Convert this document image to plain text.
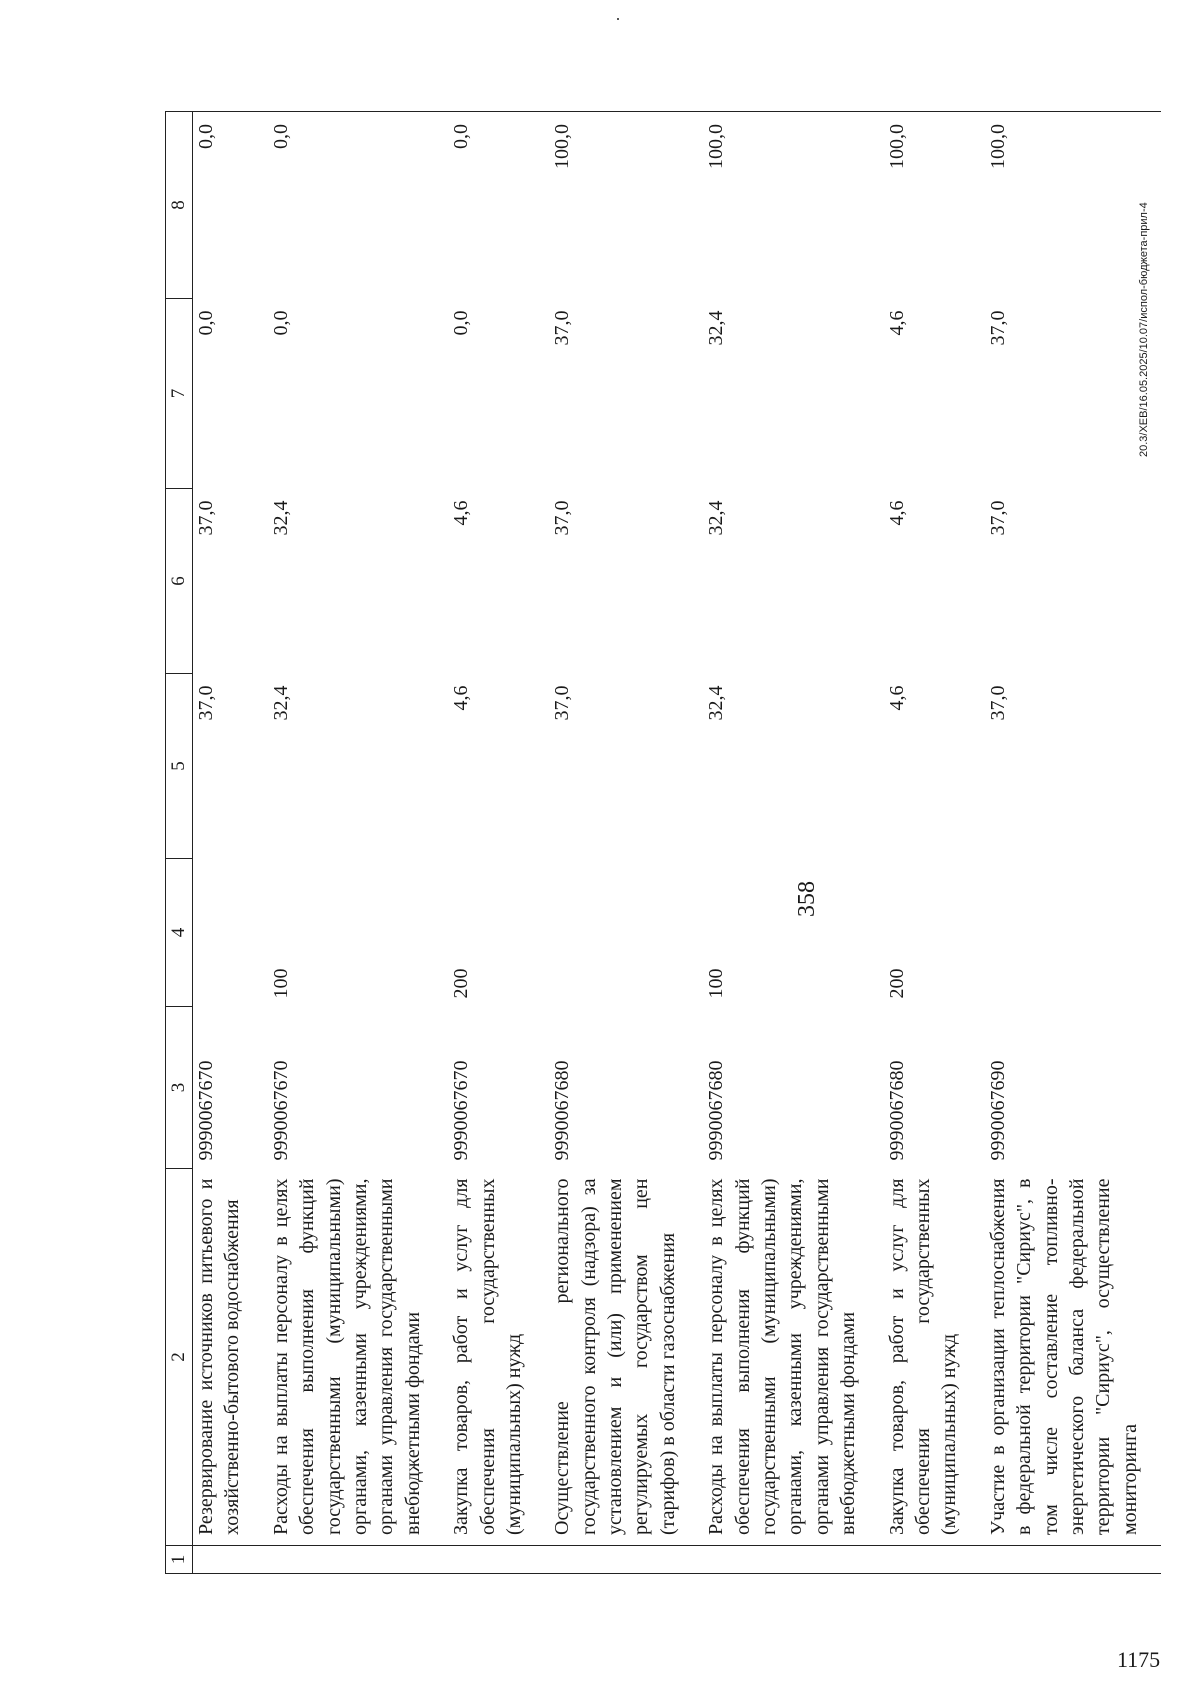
358
1	2	3	4	5	6	7	8
	Резервирование источников питьевого и хозяйственно-бытового водоснабжения	9990067670		37,0	37,0	0,0	0,0
	Расходы на выплаты персоналу в целях обеспечения выполнения функций государственными (муниципальными) органами, казенными учреждениями, органами управления государственными внебюджетными фондами	9990067670	100	32,4	32,4	0,0	0,0
	Закупка товаров, работ и услуг для обеспечения государственных (муниципальных) нужд	9990067670	200	4,6	4,6	0,0	0,0
	Осуществление регионального государственного контроля (надзора) за установлением и (или) применением регулируемых государством цен (тарифов) в области газоснабжения	9990067680		37,0	37,0	37,0	100,0
	Расходы на выплаты персоналу в целях обеспечения выполнения функций государственными (муниципальными) органами, казенными учреждениями, органами управления государственными внебюджетными фондами	9990067680	100	32,4	32,4	32,4	100,0
	Закупка товаров, работ и услуг для обеспечения государственных (муниципальных) нужд	9990067680	200	4,6	4,6	4,6	100,0
	Участие в организации теплоснабжения в федеральной территории "Сириус", в том числе составление топливно-энергетического баланса федеральной территории "Сириус", осуществление мониторинга	9990067690		37,0	37,0	37,0	100,0
20.3/ХЕВ/16.05.2025/10.07/испол-бюджета-прил-4
1175
